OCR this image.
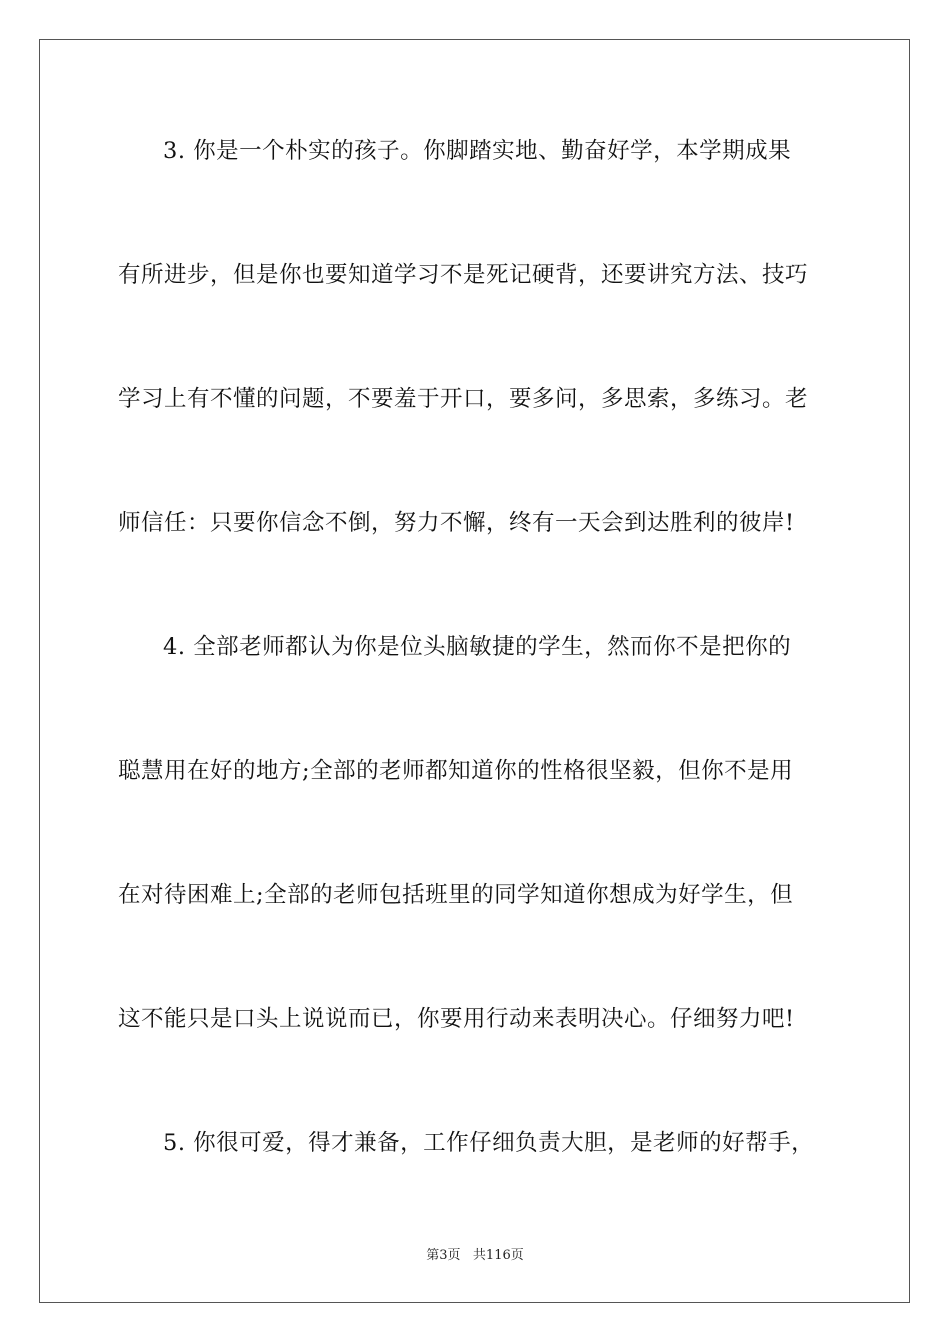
3. 你是一个朴实的孩子。你脚踏实地、勤奋好学，本学期成果
有所进步，但是你也要知道学习不是死记硬背，还要讲究方法、技巧
学习上有不懂的问题，不要羞于开口，要多问，多思索，多练习。老
师信任：只要你信念不倒，努力不懈，终有一天会到达胜利的彼岸!
4. 全部老师都认为你是位头脑敏捷的学生，然而你不是把你的
聪慧用在好的地方;全部的老师都知道你的性格很坚毅，但你不是用
在对待困难上;全部的老师包括班里的同学知道你想成为好学生，但
这不能只是口头上说说而已，你要用行动来表明决心。仔细努力吧!
5. 你很可爱，得才兼备，工作仔细负责大胆，是老师的好帮手，
第3页   共116页
